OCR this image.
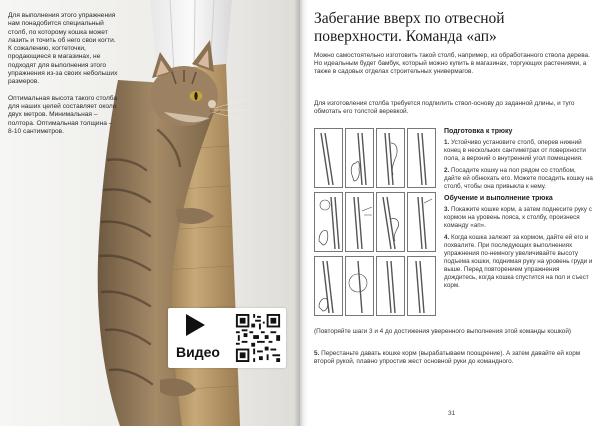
Для выполнения этого упражнения нам понадобится специальный столб, по которому кошка может лазить и точить об него свои когти. К сожалению, когтеточки, продающиеся в магазинах, не подходят для выполнения этого упражнения из-за своих небольших размеров.

Оптимальная высота такого столба для наших целей составляет около двух метров. Минимальная – полтора. Оптимальная толщина – 8-10 сантиметров.

Видео
Забегание вверх по отвесной поверхности. Команда «ап»

Можно самостоятельно изготовить такой столб, например, из обработанного ствола дерева. Но идеальным будет бамбук, который можно купить в магазинах, торгующих растениями, а также в садовых отделах строительных универмагов.

Для изготовления столба требуется подпилить ствол-основу до заданной длины, и туго обмотать его толстой веревкой.

Подготовка к трюку

1. Устойчиво установите столб, оперев нижний конец в нескольких сантиметрах от поверхности пола, а верхний о внутренний угол помещения.

2. Посадите кошку на пол рядом со столбом, дайте ей обнюхать его. Можете посадить кошку на столб, чтобы она привыкла к нему.

Обучение и выполнение трюка

3. Покажите кошке корм, а затем поднесите руку с кормом на уровень пояса, к столбу, произнеся команду «ап».

4. Когда кошка залезет за кормом, дайте ей его и похвалите. При последующих выполнениях упражнения по-немногу увеличивайте высоту подъема кошки, поднимая руку на уровень груди и выше. Перед повторением упражнения дождитесь, когда кошка спустится на пол и съест корм.

(Повторяйте шаги 3 и 4 до достижения уверенного выполнения этой команды кошкой)

5. Перестаньте давать кошке корм (вырабатываем поощрение). А затем давайте ей корм второй рукой, плавно упростив жест основной руки до командного.

31
